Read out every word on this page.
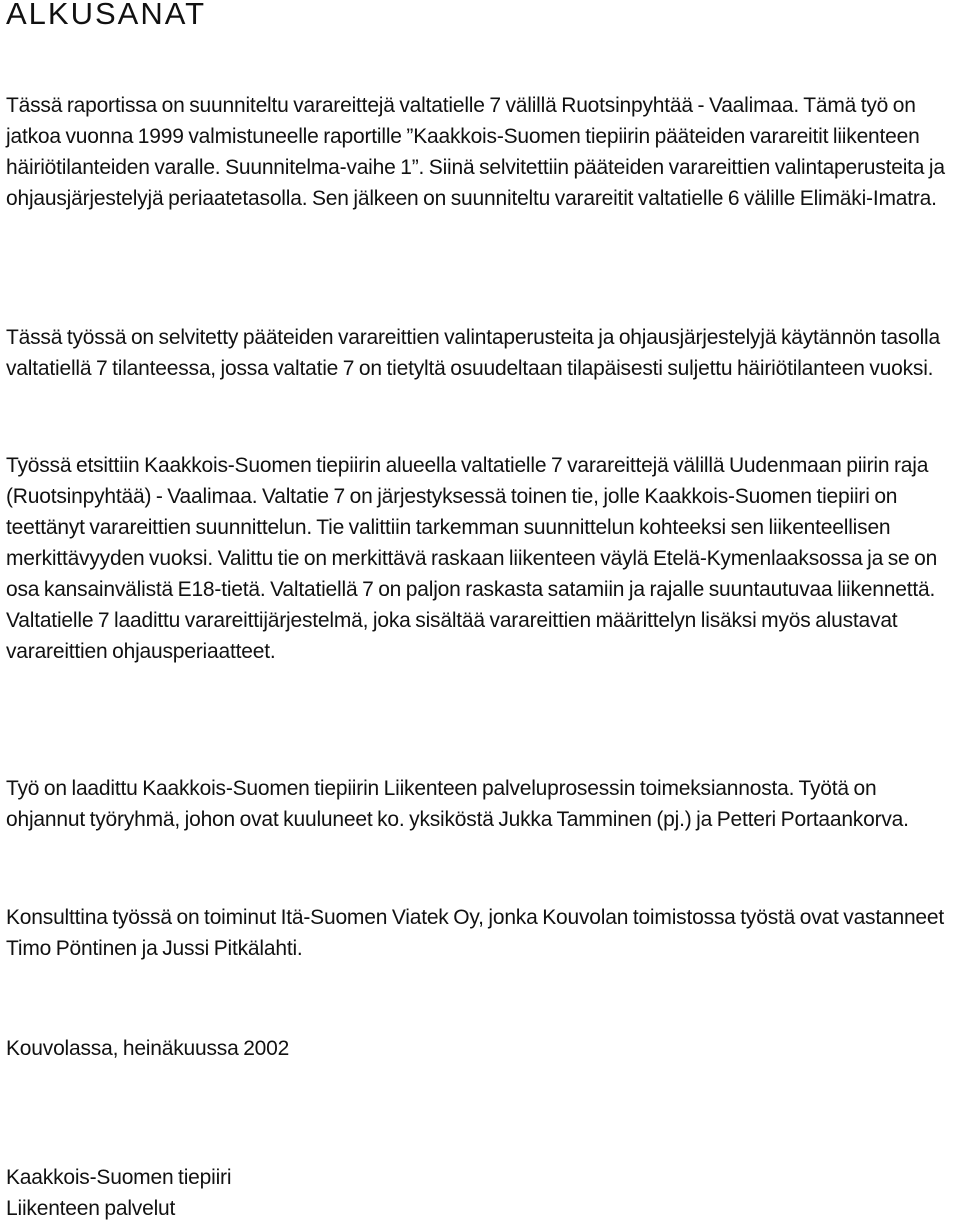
ALKUSANAT

Tässä raportissa on suunniteltu varareittejä valtatielle 7 välillä Ruotsinpyhtää - Vaalimaa. Tämä työ on jatkoa vuonna 1999 valmistuneelle raportille ”Kaakkois-Suomen tiepiirin pääteiden varareitit liikenteen häiriötilanteiden varalle. Suunnitelma-vaihe 1”. Siinä selvitettiin pääteiden varareittien valintaperusteita ja ohjausjärjestelyjä periaatetasolla. Sen jälkeen on suunniteltu varareitit valtatielle 6 välille Elimäki-Imatra.

Tässä työssä on selvitetty pääteiden varareittien valintaperusteita ja ohjausjärjestelyjä käytännön tasolla valtatiellä 7 tilanteessa, jossa valtatie 7 on tietyltä osuudeltaan tilapäisesti suljettu häiriötilanteen vuoksi.

Työssä etsittiin Kaakkois-Suomen tiepiirin alueella valtatielle 7 varareittejä välillä Uudenmaan piirin raja (Ruotsinpyhtää) - Vaalimaa. Valtatie 7 on järjestyksessä toinen tie, jolle Kaakkois-Suomen tiepiiri on teettänyt varareittien suunnittelun. Tie valittiin tarkemman suunnittelun kohteeksi sen liikenteellisen merkittävyyden vuoksi. Valittu tie on merkittävä raskaan liikenteen väylä Etelä-Kymenlaaksossa ja se on osa kansainvälistä E18-tietä. Valtatiellä 7 on paljon raskasta satamiin ja rajalle suuntautuvaa liikennettä. Valtatielle 7 laadittu varareittijärjestelmä, joka sisältää varareittien määrittelyn lisäksi myös alustavat varareittien ohjausperiaatteet.

Työ on laadittu Kaakkois-Suomen tiepiirin Liikenteen palveluprosessin toimeksiannosta. Työtä on ohjannut työryhmä, johon ovat kuuluneet ko. yksiköstä Jukka Tamminen (pj.) ja Petteri Portaankorva.

Konsulttina työssä on toiminut Itä-Suomen Viatek Oy, jonka Kouvolan toimistossa työstä ovat vastanneet Timo Pöntinen ja Jussi Pitkälahti.

Kouvolassa, heinäkuussa 2002

Kaakkois-Suomen tiepiiri
Liikenteen palvelut
